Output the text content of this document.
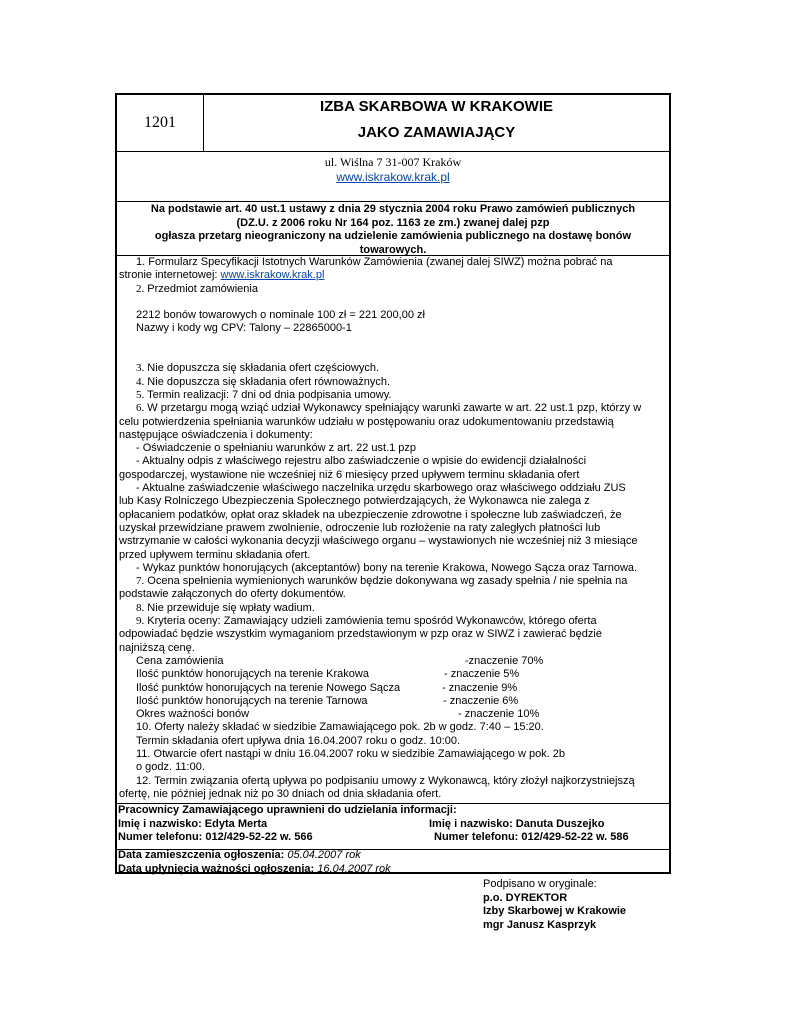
1201
IZBA SKARBOWA W KRAKOWIE
JAKO ZAMAWIAJĄCY
ul. Wiślna 7 31-007 Kraków
www.iskrakow.krak.pl
Na podstawie art. 40 ust.1 ustawy z dnia 29 stycznia 2004 roku Prawo zamówień publicznych
(DZ.U. z 2006 roku Nr 164 poz. 1163 ze zm.) zwanej dalej pzp
ogłasza przetarg nieograniczony na udzielenie zamówienia publicznego na dostawę bonów
towarowych.

1. Formularz Specyfikacji Istotnych Warunków Zamówienia (zwanej dalej SIWZ) można pobrać na

stronie internetowej: www.iskrakow.krak.pl

2. Przedmiot zamówienia

2212 bonów towarowych o nominale 100 zł = 221 200,00 zł

Nazwy i kody wg CPV: Talony – 22865000-1

3. Nie dopuszcza się składania ofert częściowych.

4. Nie dopuszcza się składania ofert równoważnych.

5. Termin realizacji: 7 dni od dnia podpisania umowy.

6. W przetargu mogą wziąć udział Wykonawcy spełniający warunki zawarte w art. 22 ust.1 pzp, którzy w

celu potwierdzenia spełniania warunków udziału w postępowaniu oraz udokumentowaniu przedstawią

następujące oświadczenia i dokumenty:

- Oświadczenie o spełnianiu warunków z art. 22 ust.1 pzp

- Aktualny odpis z właściwego rejestru albo zaświadczenie o wpisie do ewidencji działalności

gospodarczej, wystawione nie wcześniej niż 6 miesięcy przed upływem terminu składania ofert

- Aktualne zaświadczenie właściwego naczelnika urzędu skarbowego oraz właściwego oddziału ZUS

lub Kasy Rolniczego Ubezpieczenia Społecznego potwierdzających, że Wykonawca nie zalega z

opłacaniem podatków, opłat oraz składek na ubezpieczenie zdrowotne i społeczne lub zaświadczeń, że

uzyskał przewidziane prawem zwolnienie, odroczenie lub rozłożenie na raty zaległych płatności lub

wstrzymanie w całości wykonania decyzji właściwego organu – wystawionych nie wcześniej niż 3 miesiące

przed upływem terminu składania ofert.

- Wykaz punktów honorujących (akceptantów) bony na terenie Krakowa, Nowego Sącza oraz Tarnowa.

7. Ocena spełnienia wymienionych warunków będzie dokonywana wg zasady spełnia / nie spełnia na

podstawie załączonych do oferty dokumentów.

8. Nie przewiduje się wpłaty wadium.

9. Kryteria oceny: Zamawiający udzieli zamówienia temu spośród Wykonawców, którego oferta

odpowiadać będzie wszystkim wymaganiom przedstawionym w pzp oraz w SIWZ i zawierać będzie

najniższą cenę.

Cena zamówienia	-znaczenie 70%
Ilość punktów honorujących na terenie Krakowa	- znaczenie 5%
Ilość punktów honorujących na terenie Nowego Sącza	- znaczenie 9%
Ilość punktów honorujących na terenie Tarnowa	- znaczenie 6%
Okres ważności bonów	- znaczenie 10%

10. Oferty należy składać w siedzibie Zamawiającego pok. 2b w godz. 7:40 – 15:20.

Termin składania ofert upływa dnia 16.04.2007 roku o godz. 10:00.

11. Otwarcie ofert nastąpi w dniu 16.04.2007 roku w siedzibie Zamawiającego w pok. 2b

o godz. 11:00.

12. Termin związania ofertą upływa po podpisaniu umowy z Wykonawcą, który złożył najkorzystniejszą

ofertę, nie później jednak niż po 30 dniach od dnia składania ofert.

Pracownicy Zamawiającego uprawnieni do udzielania informacji:
Imię i nazwisko: Edyta Merta	Imię i nazwisko: Danuta Duszejko
Numer telefonu: 012/429-52-22 w. 566	Numer telefonu: 012/429-52-22 w. 586
Data zamieszczenia ogłoszenia: 05.04.2007 rok
Data upłynięcia ważności ogłoszenia: 16.04.2007 rok
Podpisano w oryginale:
p.o. DYREKTOR
Izby Skarbowej w Krakowie
mgr Janusz Kasprzyk
